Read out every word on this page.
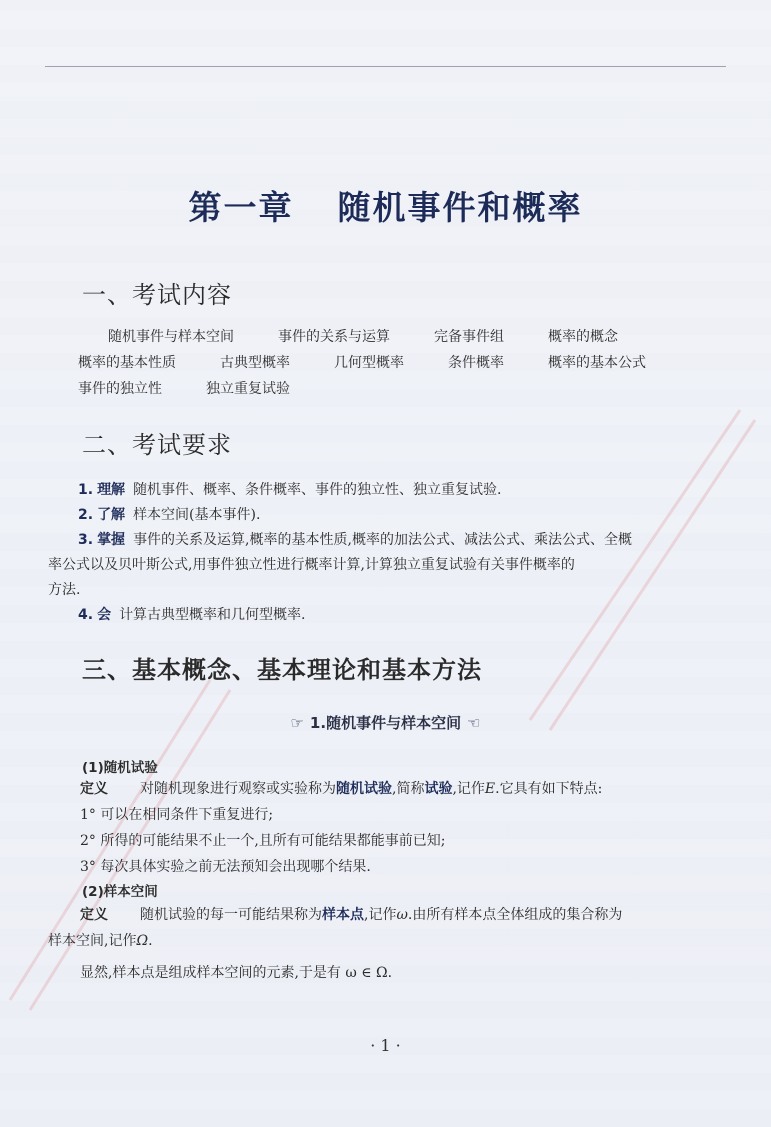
第一章 随机事件和概率
一、考试内容
随机事件与样本空间	事件的关系与运算	完备事件组	概率的概念概率的基本性质	古典型概率	几何型概率	条件概率	概率的基本公式事件的独立性	独立重复试验
二、考试要求
1. 理解 随机事件、概率、条件概率、事件的独立性、独立重复试验.
2. 了解 样本空间(基本事件).
3. 掌握 事件的关系及运算,概率的基本性质,概率的加法公式、减法公式、乘法公式、全概
率公式以及贝叶斯公式,用事件独立性进行概率计算,计算独立重复试验有关事件概率的
方法.
4. 会 计算古典型概率和几何型概率.
三、基本概念、基本理论和基本方法
☞ 1.随机事件与样本空间 ☜
(1)随机试验
定义 对随机现象进行观察或实验称为随机试验,简称试验,记作E.它具有如下特点:
1° 可以在相同条件下重复进行;
2° 所得的可能结果不止一个,且所有可能结果都能事前已知;
3° 每次具体实验之前无法预知会出现哪个结果.
(2)样本空间
定义 随机试验的每一可能结果称为样本点,记作ω.由所有样本点全体组成的集合称为
样本空间,记作Ω.
显然,样本点是组成样本空间的元素,于是有 ω ∈ Ω.
· 1 ·
